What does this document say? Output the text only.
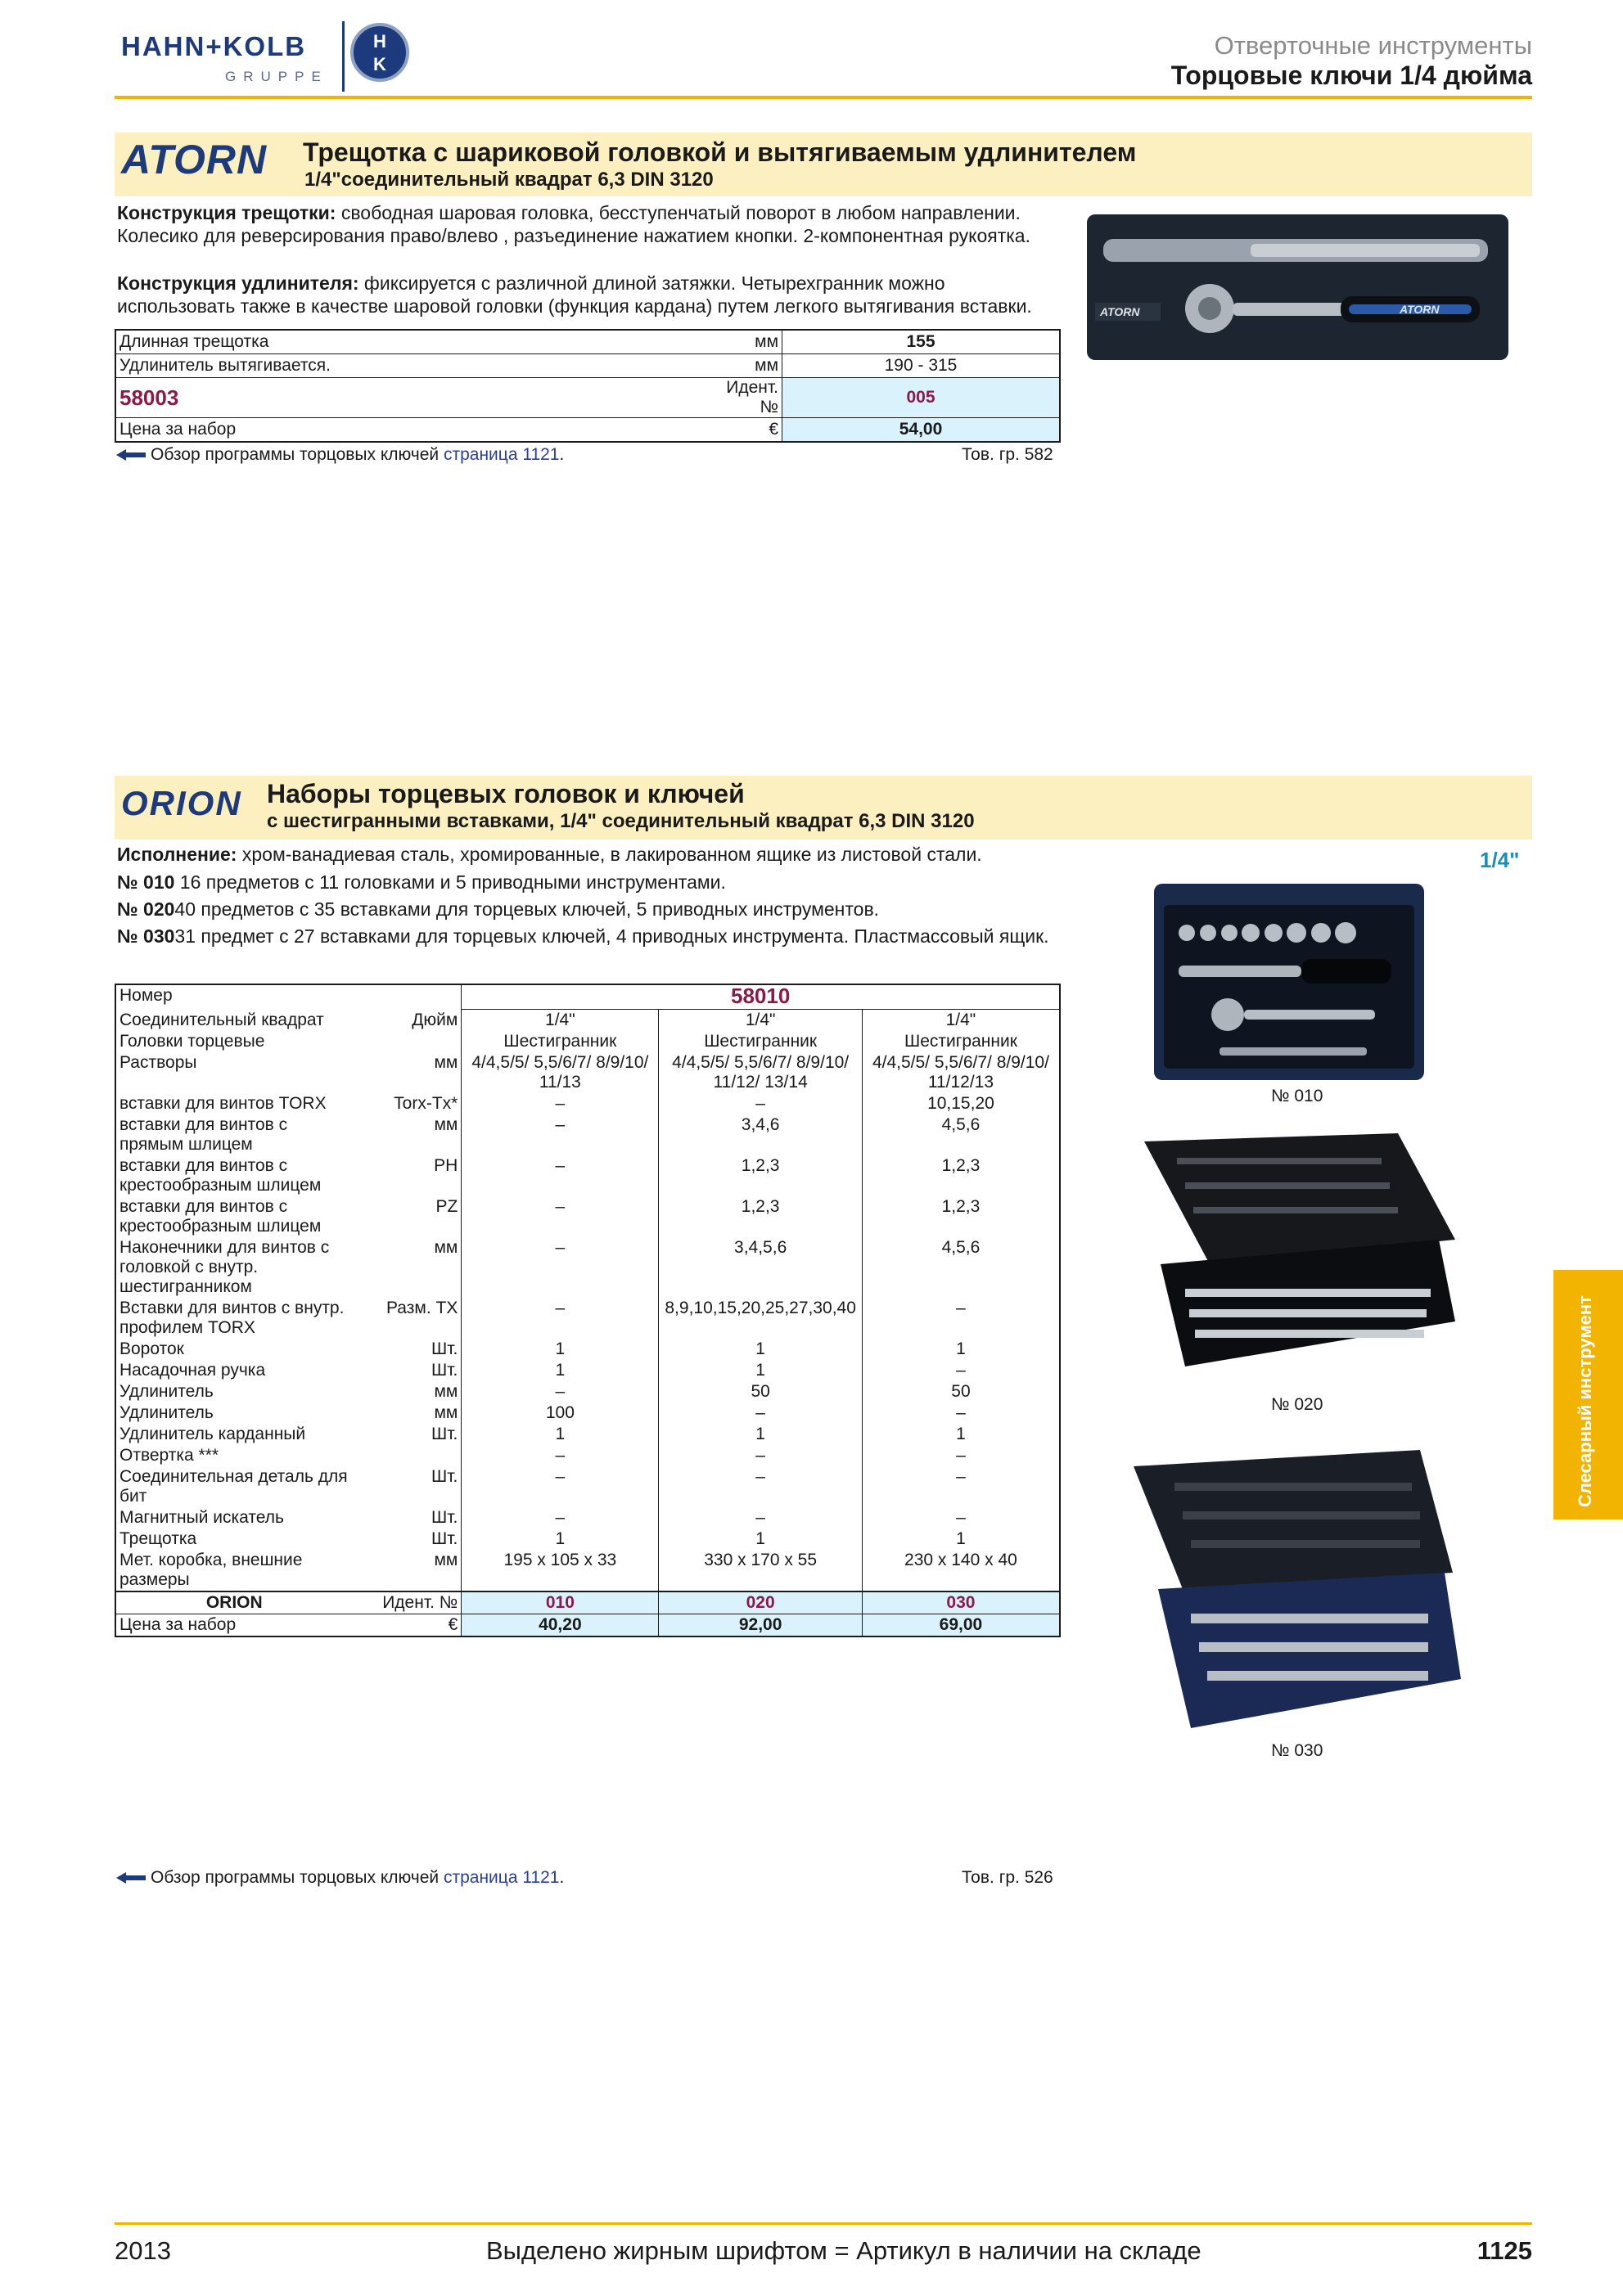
HAHN+KOLB
GRUPPE
H
K
Отверточные инструменты
Торцовые ключи 1/4 дюйма
ATORN Трещотка с шариковой головкой и вытягиваемым удлинителем
1/4"соединительный квадрат 6,3 DIN 3120
Конструкция трещотки: свободная шаровая головка, бесступенчатый поворот в любом направлении. Колесико для реверсирования право/влево , разъединение нажатием кнопки. 2-компонентная рукоятка.
Конструкция удлинителя: фиксируется с различной длиной затяжки. Четырехгранник можно использовать также в качестве шаровой головки (функция кардана) путем легкого вытягивания вставки.
Длинная трещотка	мм	155
Удлинитель вытягивается.	мм	190 - 315
58003	Идент. №	005
Цена за набор	€	54,00
Обзор программы торцовых ключей страница 1121.	Тов. гр. 582
ATORN	ATORN
ORION Наборы торцевых головок и ключей
с шестигранными вставками, 1/4" соединительный квадрат 6,3 DIN 3120
1/4"
Исполнение: хром-ванадиевая сталь, хромированные, в лакированном ящике из листовой стали.
№ 010 16 предметов с 11 головками и 5 приводными инструментами.
№ 02040 предметов с 35 вставками для торцевых ключей, 5 приводных инструментов.
№ 03031 предмет с 27 вставками для торцевых ключей, 4 приводных инструмента. Пластмассовый ящик.
Номер		58010		
Соединительный квадрат	Дюйм	1/4"	1/4"	1/4"
Головки торцевые		Шестигранник	Шестигранник	Шестигранник
Растворы	мм	4/4,5/5/ 5,5/6/7/ 8/9/10/ 11/13	4/4,5/5/ 5,5/6/7/ 8/9/10/ 11/12/ 13/14	4/4,5/5/ 5,5/6/7/ 8/9/10/ 11/12/13
вставки для винтов TORX	Torx-Tx*	–	–	10,15,20
вставки для винтов с прямым шлицем	мм	–	3,4,6	4,5,6
вставки для винтов с крестообразным шлицем	PH	–	1,2,3	1,2,3
вставки для винтов с крестообразным шлицем	PZ	–	1,2,3	1,2,3
Наконечники для винтов с головкой с внутр. шестигранником	мм	–	3,4,5,6	4,5,6
Вставки для винтов с внутр. профилем TORX	Разм. TX	–	8,9,10,15,20,25,27,30,40	–
Вороток	Шт.	1	1	1
Насадочная ручка	Шт.	1	1	–
Удлинитель	мм	–	50	50
Удлинитель	мм	100	–	–
Удлинитель карданный	Шт.	1	1	1
Отвертка ***		–	–	–
Соединительная деталь для бит	Шт.	–	–	–
Магнитный искатель	Шт.	–	–	–
Трещотка	Шт.	1	1	1
Мет. коробка, внешние размеры	мм	195 x 105 x 33	330 x 170 x 55	230 x 140 x 40
ORION	Идент. №	010	020	030
Цена за набор	€	40,20	92,00	69,00
Обзор программы торцовых ключей страница 1121.	Тов. гр. 526
№ 010
№ 020
№ 030
Слесарный инструмент
2013	Выделено жирным шрифтом = Артикул в наличии на складе	1125
